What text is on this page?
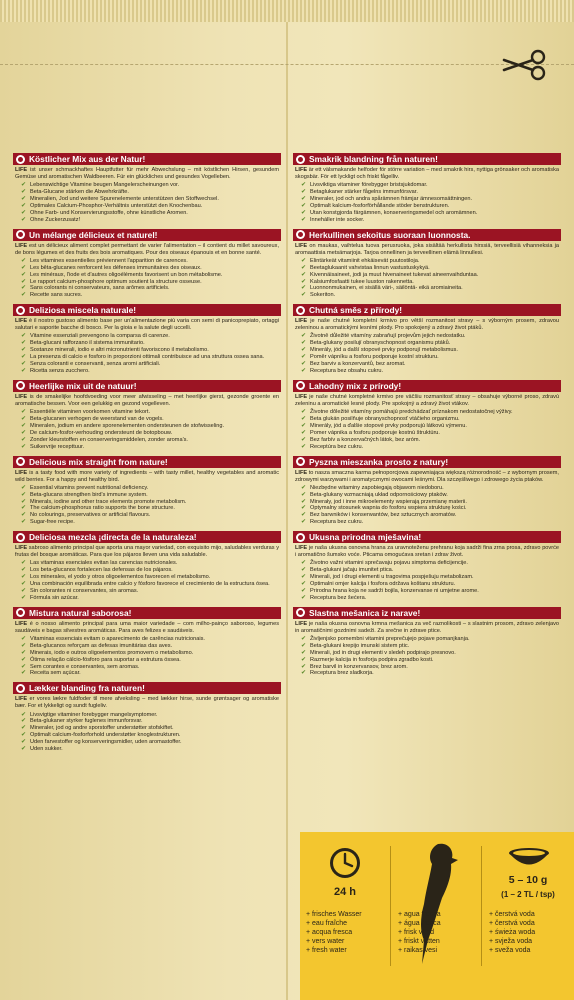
Köstlicher Mix aus der Natur!
LIFE ist unser schmackhaftes Hauptfutter für mehr Abwechslung – mit köstlichen Hirsen, gesundem Gemüse und aromatischen Waldbeeren. Für ein glückliches und gesundes Vogelleben.
✔ Lebenswichtige Vitamine beugen Mangelerscheinungen vor.
✔ Beta-Glucane stärken die Abwehrkräfte.
✔ Mineralien, Jod und weitere Spurenelemente unterstützen den Stoffwechsel.
✔ Optimales Calcium-Phosphor-Verhältnis unterstützt den Knochenbau.
✔ Ohne Farb- und Konservierungsstoffe, ohne künstliche Aromen.
✔ Ohne Zuckerzusatz!
Un mélange délicieux et naturel!
LIFE est un délicieux aliment complet permettant de varier l'alimentation – il contient du millet savoureux, de bons légumes et des fruits des bois aromatiques. Pour des oiseaux épanouis et en bonne santé.
✔ Les vitamines essentielles préviennent l'apparition de carences.
✔ Les bêta-glucanes renforcent les défenses immunitaires des oiseaux.
✔ Les minéraux, l'iode et d'autres oligoéléments favorisent un bon métabolisme.
✔ Le rapport calcium-phosphore optimum soutient la structure osseuse.
✔ Sans colorants ni conservateurs, sans arômes artificiels.
✔ Recette sans sucres.
Deliziosa miscela naturale!
LIFE è il nostro gustoso alimento base per un'alimentazione più varia con semi di panicoprepiato, ortaggi salutari e saporite bacche di bosco. Per la gioia e la salute degli uccelli.
✔ Vitamine essenziali prevengono la comparsa di carenze.
✔ Beta-glucani rafforzano il sistema immunitario.
✔ Sostanze minerali, iodio e altri micronutrienti favoriscono il metabolismo.
✔ La presenza di calcio e fosforo in proporzioni ottimali contribuisce ad una struttura ossea sana.
✔ Senza coloranti e conservanti, senza aromi artificiali.
✔ Ricetta senza zucchero.
Heerlijke mix uit de natuur!
LIFE is de smakelijke hoofdvoeding voor meer afwisseling – met heerlijke gierst, gezonde groente en aromatische bessen. Voor een gelukkig en gezond vogelleven.
✔ Essentiële vitaminen voorkomen vitamine tekort.
✔ Beta-glucanen verhogen de weerstand van de vogels.
✔ Mineralen, jodium en andere sporenelementen ondersteunen de stofwisseling.
✔ De calcium-fosfor-verhouding ondersteunt de botopbouw.
✔ Zonder kleurstoffen en conserveringsmiddelen, zonder aroma's.
✔ Suikervrije recepttuur.
Delicious mix straight from nature!
LIFE is a tasty food with more variety of ingredients – with tasty millet, healthy vegetables and aromatic wild berries. For a happy and healthy bird.
✔ Essential vitamins prevent nutritional deficiency.
✔ Beta-glucans strengthen bird's immune system.
✔ Minerals, iodine and other trace elements promote metabolism.
✔ The calcium-phosphorus ratio supports the bone structure.
✔ No colourings, preservatives or artificial flavours.
✔ Sugar-free recipe.
Deliciosa mezcla ¡directa de la naturaleza!
LIFE sabroso alimento principal que aporta una mayor variedad, con exquisito mijo, saludables verduras y frutas del bosque aromáticas. Para que los pájaros lleven una vida saludable.
✔ Las vitaminas esenciales evitan las carencias nutricionales.
✔ Los beta-glucanos fortalecen las defensas de los pájaros.
✔ Los minerales, el yodo y otros oligoelementos favorecen el metabolismo.
✔ Una combinación equilibrada entre calcio y fósforo favorece el crecimiento de la estructura ósea.
✔ Sin colorantes ni conservantes, sin aromas.
✔ Fórmula sin azúcar.
Mistura natural saborosa!
LIFE é o nosso alimento principal para uma maior variedade – com milho-painço saboroso, legumes saudáveis e bagas silvestres aromáticas. Para aves felizes e saudáveis.
✔ Vitaminas essenciais evitam o aparecimento de carências nutricionais.
✔ Beta-glucanos reforçam as defesas imunitárias das aves.
✔ Minerais, iodo e outros oligoelementos promovem o metabolismo.
✔ Ótima relação cálcio-fósforo para suportar a estrutura óssea.
✔ Sem corantes e conservantes, sem aromas.
✔ Receita sem açúcar.
Lækker blanding fra naturen!
LIFE er vores lækre fuldfoder til mere afveksling – med lækker hirse, sunde grøntsager og aromatiske bær. For et lykkeligt og sundt fugleliv.
✔ Livsvigtige vitaminer forebygger mangelsymptomer.
✔ Beta-glukaner styrker fuglenes immunforsvar.
✔ Mineraler, jod og andre sporstoffer understøtter stofskiftet.
✔ Optimalt calcium-fosforforhold understøtter knoglestrukturen.
✔ Uden farvestoffer og konserveringsmidler, uden aromastoffer.
✔ Uden sukker.
Smakrik blandning från naturen!
LIFE är ett välsmakande helfoder för större variation – med smakrik hirs, nyttiga grönsaker och aromatiska skogsbär. För ett lyckligt och friskt fågelliv.
✔ Livsviktiga vitaminer förebygger bristsjukdomar.
✔ Betaglukaner stärker fågelns immunförsvar.
✔ Mineraler, jod och andra spårämnen främjar ämnesomsättningen.
✔ Optimalt kalcium-fosforförhållande stöder benstrukturen.
✔ Utan konstgjorda färgämnen, konserveringsmedel och aromämnen.
✔ Inneháller inte socker.
Herkullinen sekoitus suoraan luonnosta.
LIFE on maukas, vaihtelua tuova perusruoka, joka sisältää herkullista hirssiä, terveellisiä vihanneksia ja aromaattisia metsämarjoja. Tarjoa onnellinen ja terveellinen elämä linnullesi.
✔ Elintärkeät vitamiinit ehkäisevät puutostiloja.
✔ Beetaglukaanit vahvistaa linnun vastustuskykyä.
✔ Kivennäisaineet, jodi ja muut hivenaineet tukevat aineenvaihduntaa.
✔ Kalsiumfosfaatti tukee luuston rakennetta.
✔ Luonnonmukainen, ei sisällä väri-, säilöntä- eikä aromiaineita.
✔ Sokeriton.
Chutná směs z přírody!
LIFE je naše chutné kompletní krmivo pro větší rozmanitost stravy – s výborným prosem, zdravou zeleninou a aromatickými lesními plody. Pro spokojený a zdravý život ptáků.
✔ Životně důležité vitamíny zabraňují projevům jejich nedostatku.
✔ Beta-glukany posilují obranyschopnost organismu ptáků.
✔ Minerály, jód a další stopové prvky podporují metabolismus.
✔ Poměr vápníku a fosforu podporuje kostní strukturu.
✔ Bez barviv a konzervantů, bez aromat.
✔ Receptura bez obsahu cukru.
Lahodný mix z prírody!
LIFE je naše chutné kompletné krmivo pre väčšiu rozmanitosť stravy – obsahuje výborné proso, zdravú zeleninu a aromatické lesné plody. Pre spokojný a zdravý život vtákov.
✔ Životne dôležité vitamíny pomáhajú predchádzať príznakom nedostatočnej výživy.
✔ Beta glukán posilňuje obranyschopnosť vtáčieho organizmu.
✔ Minerály, jód a ďalšie stopové prvky podporujú látkovú výmenu.
✔ Pomer vápnika a fosforu podporuje kostnú štruktúru.
✔ Bez farbív a konzervačných látok, bez aróm.
✔ Receptúra bez cukru.
Pyszna mieszanka prosto z natury!
LIFE to nasza smaczna karma pełnoporcjowa zapewniająca większą różnorodność – z wybornym prosem, zdrowymi warzywami i aromatycznymi owocami leśnymi. Dla szczęśliwego i zdrowego życia ptaków.
✔ Niezbędne witaminy zapobiegają objawom niedoboru.
✔ Beta-glukany wzmacniają układ odpornościowy ptaków.
✔ Minerały, jod i inne mikroelementy wspierają przemianę materii.
✔ Optymalny stosunek wapnia do fosforu wspiera strukturę kości.
✔ Bez barwników i konserwantów, bez sztucznych aromatów.
✔ Receptura bez cukru.
Ukusna prirodna mješavina!
LIFE je naša ukusna osnovna hrana za uravnoteženu prehranu koja sadrži fina zrna prosa, zdravo povrće i aromatično šumsko voće. Pticama omogućava sretan i zdrav život.
✔ Životno važni vitamini sprečavaju pojavu simptoma deficijencije.
✔ Beta-glukani jačaju imunitet ptica.
✔ Minerali, jod i drugi elementi u tragovima pospješuju metabolizam.
✔ Optimalni omjer kalcija i fosfora održava koštanu strukturu.
✔ Prirodna hrana koja ne sadrži bojila, konzervanse ni umjetne arome.
✔ Receptura bez šećera.
Slastna mešanica iz narave!
LIFE je naša okusna osnovna krmna mešanica za več raznolikosti – s slastnim prosom, zdravo zelenjavo in aromatičnimi gozdnimi sadeži. Za srečne in zdrave ptice.
✔ Življenjsko pomembni vitamini preprečujejo pojave pomanjkanja.
✔ Beta-glukani krepijo imunski sistem ptic.
✔ Minerali, jod in drugi elementi v sledeh podpirajo presnovo.
✔ Razmerje kalcija in fosforja podpira zgradbo kosti.
✔ Brez barvil in konzervansov, brez arom.
✔ Receptura brez sladkorja.
24 h
5 – 10 g
(1 – 2 TL / tsp)
+ frisches Wasser
+ eau fraîche
+ acqua fresca
+ vers water
+ fresh water
+ agua fresca
+ água fresca
+ frisk vand
+ friskt vatten
+ raikas vesi
+ čerstvá voda
+ čerstvá voda
+ świeża woda
+ svježa voda
+ sveža voda
